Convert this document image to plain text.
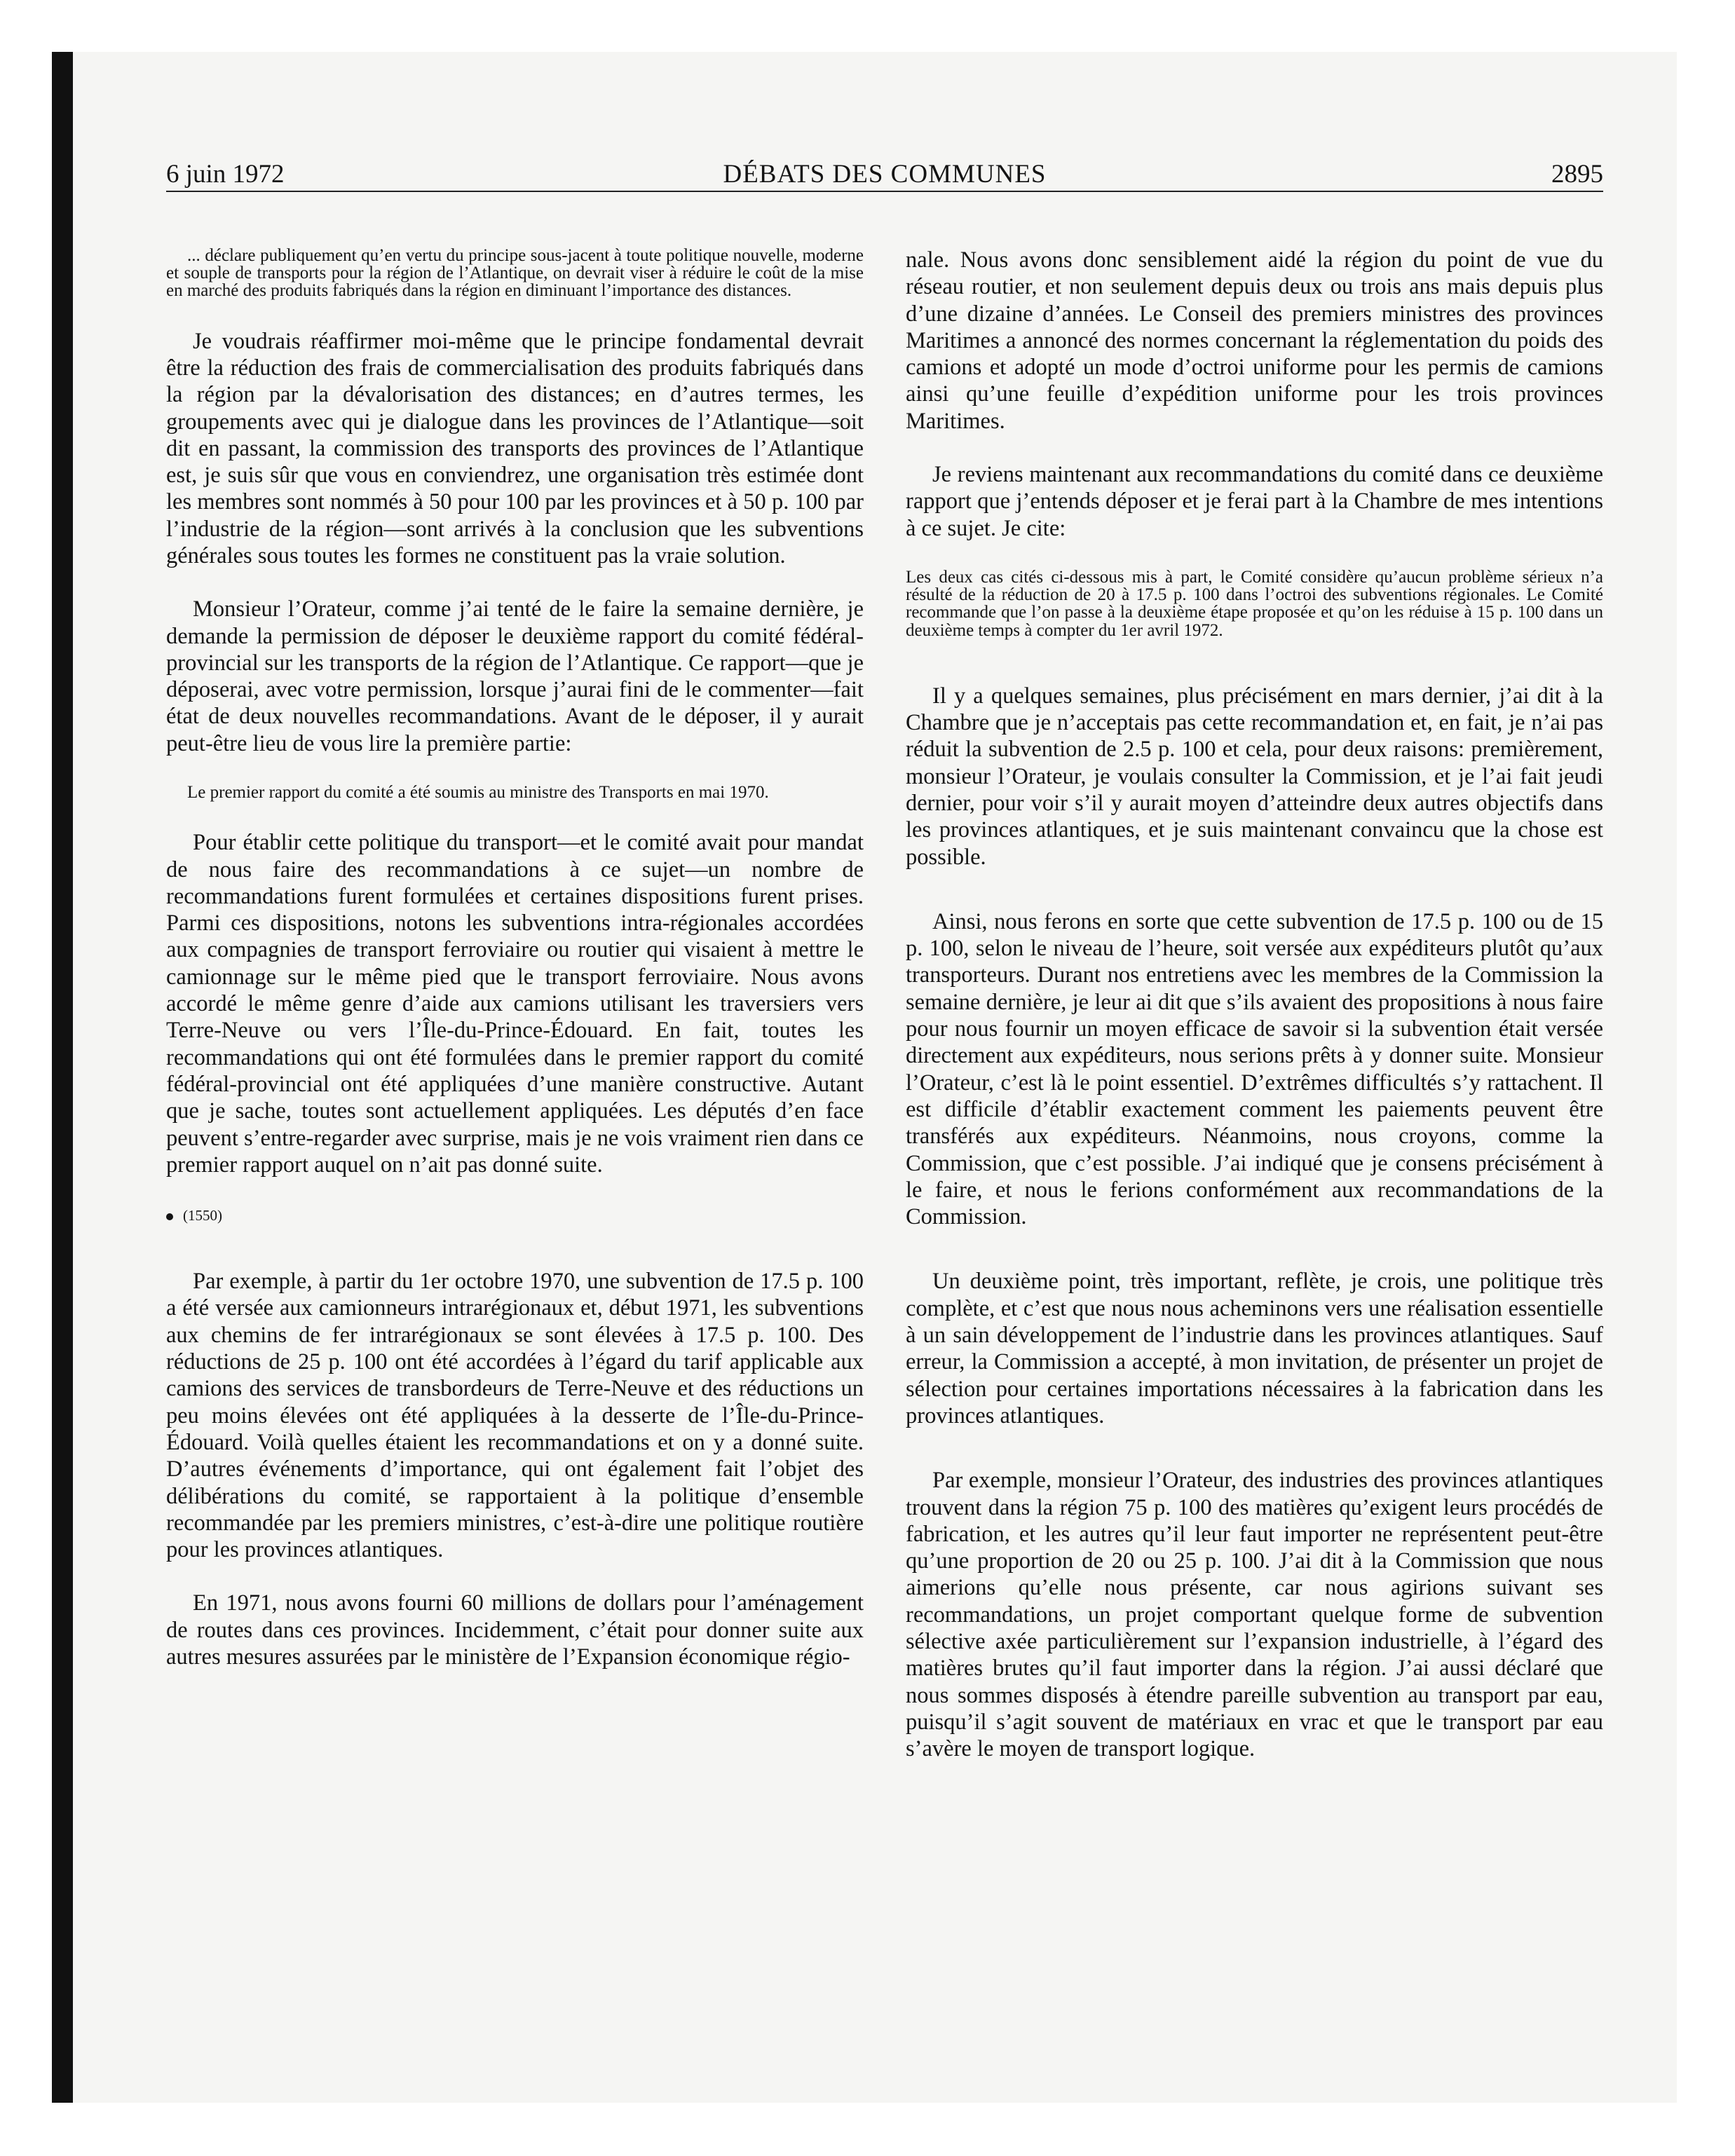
6 juin 1972	DÉBATS DES COMMUNES	2895

... déclare publiquement qu’en vertu du principe sous-jacent à toute politique nouvelle, moderne et souple de transports pour la région de l’Atlantique, on devrait viser à réduire le coût de la mise en marché des produits fabriqués dans la région en diminuant l’importance des distances.

Je voudrais réaffirmer moi-même que le principe fondamental devrait être la réduction des frais de commercialisation des produits fabriqués dans la région par la dévalorisation des distances; en d’autres termes, les groupements avec qui je dialogue dans les provinces de l’Atlantique—soit dit en passant, la commission des transports des provinces de l’Atlantique est, je suis sûr que vous en conviendrez, une organisation très estimée dont les membres sont nommés à 50 pour 100 par les provinces et à 50 p. 100 par l’industrie de la région—sont arrivés à la conclusion que les subventions générales sous toutes les formes ne constituent pas la vraie solution.

Monsieur l’Orateur, comme j’ai tenté de le faire la semaine dernière, je demande la permission de déposer le deuxième rapport du comité fédéral-provincial sur les transports de la région de l’Atlantique. Ce rapport—que je déposerai, avec votre permission, lorsque j’aurai fini de le commenter—fait état de deux nouvelles recommandations. Avant de le déposer, il y aurait peut-être lieu de vous lire la première partie:

Le premier rapport du comité a été soumis au ministre des Transports en mai 1970.

Pour établir cette politique du transport—et le comité avait pour mandat de nous faire des recommandations à ce sujet—un nombre de recommandations furent formulées et certaines dispositions furent prises. Parmi ces dispositions, notons les subventions intra-régionales accordées aux compagnies de transport ferroviaire ou routier qui visaient à mettre le camionnage sur le même pied que le transport ferroviaire. Nous avons accordé le même genre d’aide aux camions utilisant les traversiers vers Terre-Neuve ou vers l’Île-du-Prince-Édouard. En fait, toutes les recommandations qui ont été formulées dans le premier rapport du comité fédéral-provincial ont été appliquées d’une manière constructive. Autant que je sache, toutes sont actuellement appliquées. Les députés d’en face peuvent s’entre-regarder avec surprise, mais je ne vois vraiment rien dans ce premier rapport auquel on n’ait pas donné suite.

(1550)

Par exemple, à partir du 1er octobre 1970, une subvention de 17.5 p. 100 a été versée aux camionneurs intrarégionaux et, début 1971, les subventions aux chemins de fer intrarégionaux se sont élevées à 17.5 p. 100. Des réductions de 25 p. 100 ont été accordées à l’égard du tarif applicable aux camions des services de transbordeurs de Terre-Neuve et des réductions un peu moins élevées ont été appliquées à la desserte de l’Île-du-Prince-Édouard. Voilà quelles étaient les recommandations et on y a donné suite. D’autres événements d’importance, qui ont également fait l’objet des délibérations du comité, se rapportaient à la politique d’ensemble recommandée par les premiers ministres, c’est-à-dire une politique routière pour les provinces atlantiques.

En 1971, nous avons fourni 60 millions de dollars pour l’aménagement de routes dans ces provinces. Incidemment, c’était pour donner suite aux autres mesures assurées par le ministère de l’Expansion économique régio-

nale. Nous avons donc sensiblement aidé la région du point de vue du réseau routier, et non seulement depuis deux ou trois ans mais depuis plus d’une dizaine d’années. Le Conseil des premiers ministres des provinces Maritimes a annoncé des normes concernant la réglementation du poids des camions et adopté un mode d’octroi uniforme pour les permis de camions ainsi qu’une feuille d’expédition uniforme pour les trois provinces Maritimes.

Je reviens maintenant aux recommandations du comité dans ce deuxième rapport que j’entends déposer et je ferai part à la Chambre de mes intentions à ce sujet. Je cite:

Les deux cas cités ci-dessous mis à part, le Comité considère qu’aucun problème sérieux n’a résulté de la réduction de 20 à 17.5 p. 100 dans l’octroi des subventions régionales. Le Comité recommande que l’on passe à la deuxième étape proposée et qu’on les réduise à 15 p. 100 dans un deuxième temps à compter du 1er avril 1972.

Il y a quelques semaines, plus précisément en mars dernier, j’ai dit à la Chambre que je n’acceptais pas cette recommandation et, en fait, je n’ai pas réduit la subvention de 2.5 p. 100 et cela, pour deux raisons: premièrement, monsieur l’Orateur, je voulais consulter la Commission, et je l’ai fait jeudi dernier, pour voir s’il y aurait moyen d’atteindre deux autres objectifs dans les provinces atlantiques, et je suis maintenant convaincu que la chose est possible.

Ainsi, nous ferons en sorte que cette subvention de 17.5 p. 100 ou de 15 p. 100, selon le niveau de l’heure, soit versée aux expéditeurs plutôt qu’aux transporteurs. Durant nos entretiens avec les membres de la Commission la semaine dernière, je leur ai dit que s’ils avaient des propositions à nous faire pour nous fournir un moyen efficace de savoir si la subvention était versée directement aux expéditeurs, nous serions prêts à y donner suite. Monsieur l’Orateur, c’est là le point essentiel. D’extrêmes difficultés s’y rattachent. Il est difficile d’établir exactement comment les paiements peuvent être transférés aux expéditeurs. Néanmoins, nous croyons, comme la Commission, que c’est possible. J’ai indiqué que je consens précisément à le faire, et nous le ferions conformément aux recommandations de la Commission.

Un deuxième point, très important, reflète, je crois, une politique très complète, et c’est que nous nous acheminons vers une réalisation essentielle à un sain développement de l’industrie dans les provinces atlantiques. Sauf erreur, la Commission a accepté, à mon invitation, de présenter un projet de sélection pour certaines importations nécessaires à la fabrication dans les provinces atlantiques.

Par exemple, monsieur l’Orateur, des industries des provinces atlantiques trouvent dans la région 75 p. 100 des matières qu’exigent leurs procédés de fabrication, et les autres qu’il leur faut importer ne représentent peut-être qu’une proportion de 20 ou 25 p. 100. J’ai dit à la Commission que nous aimerions qu’elle nous présente, car nous agirions suivant ses recommandations, un projet comportant quelque forme de subvention sélective axée particulièrement sur l’expansion industrielle, à l’égard des matières brutes qu’il faut importer dans la région. J’ai aussi déclaré que nous sommes disposés à étendre pareille subvention au transport par eau, puisqu’il s’agit souvent de matériaux en vrac et que le transport par eau s’avère le moyen de transport logique.
